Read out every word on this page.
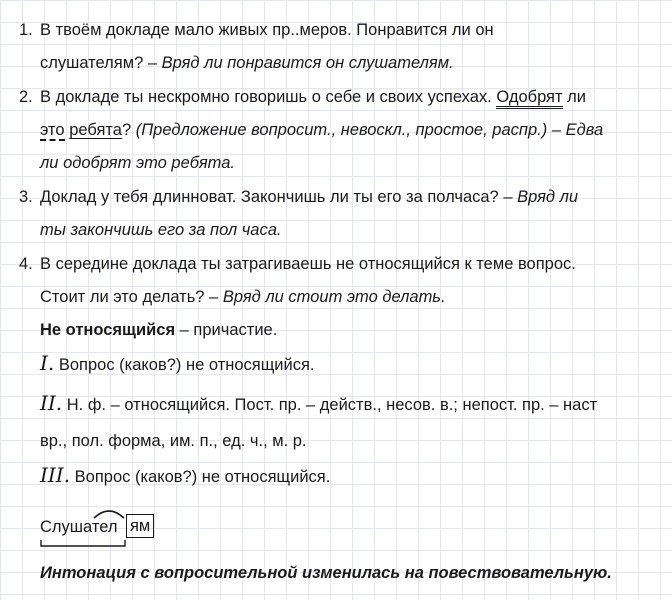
1. В твоём докладе мало живых пр..меров. Понравится ли он
слушателям? – Вряд ли понравится он слушателям.
2. В докладе ты нескромно говоришь о себе и своих успехах. Одобрят ли
это ребята? (Предложение вопросит., невоскл., простое, распр.) – Едва
ли одобрят это ребята.
3. Доклад у тебя длинноват. Закончишь ли ты его за полчаса? – Вряд ли
ты закончишь его за пол часа.
4. В середине доклада ты затрагиваешь не относящийся к теме вопрос.
Стоит ли это делать? – Вряд ли стоит это делать.
Не относящийся – причастие.
I. Вопрос (каков?) не относящийся.
II. Н. ф. – относящийся. Пост. пр. – действ., несов. в.; непост. пр. – наст
вр., пол. форма, им. п., ед. ч., м. р.
III. Вопрос (каков?) не относящийся.
Слушател ям
Интонация с вопросительной изменилась на повествовательную.
